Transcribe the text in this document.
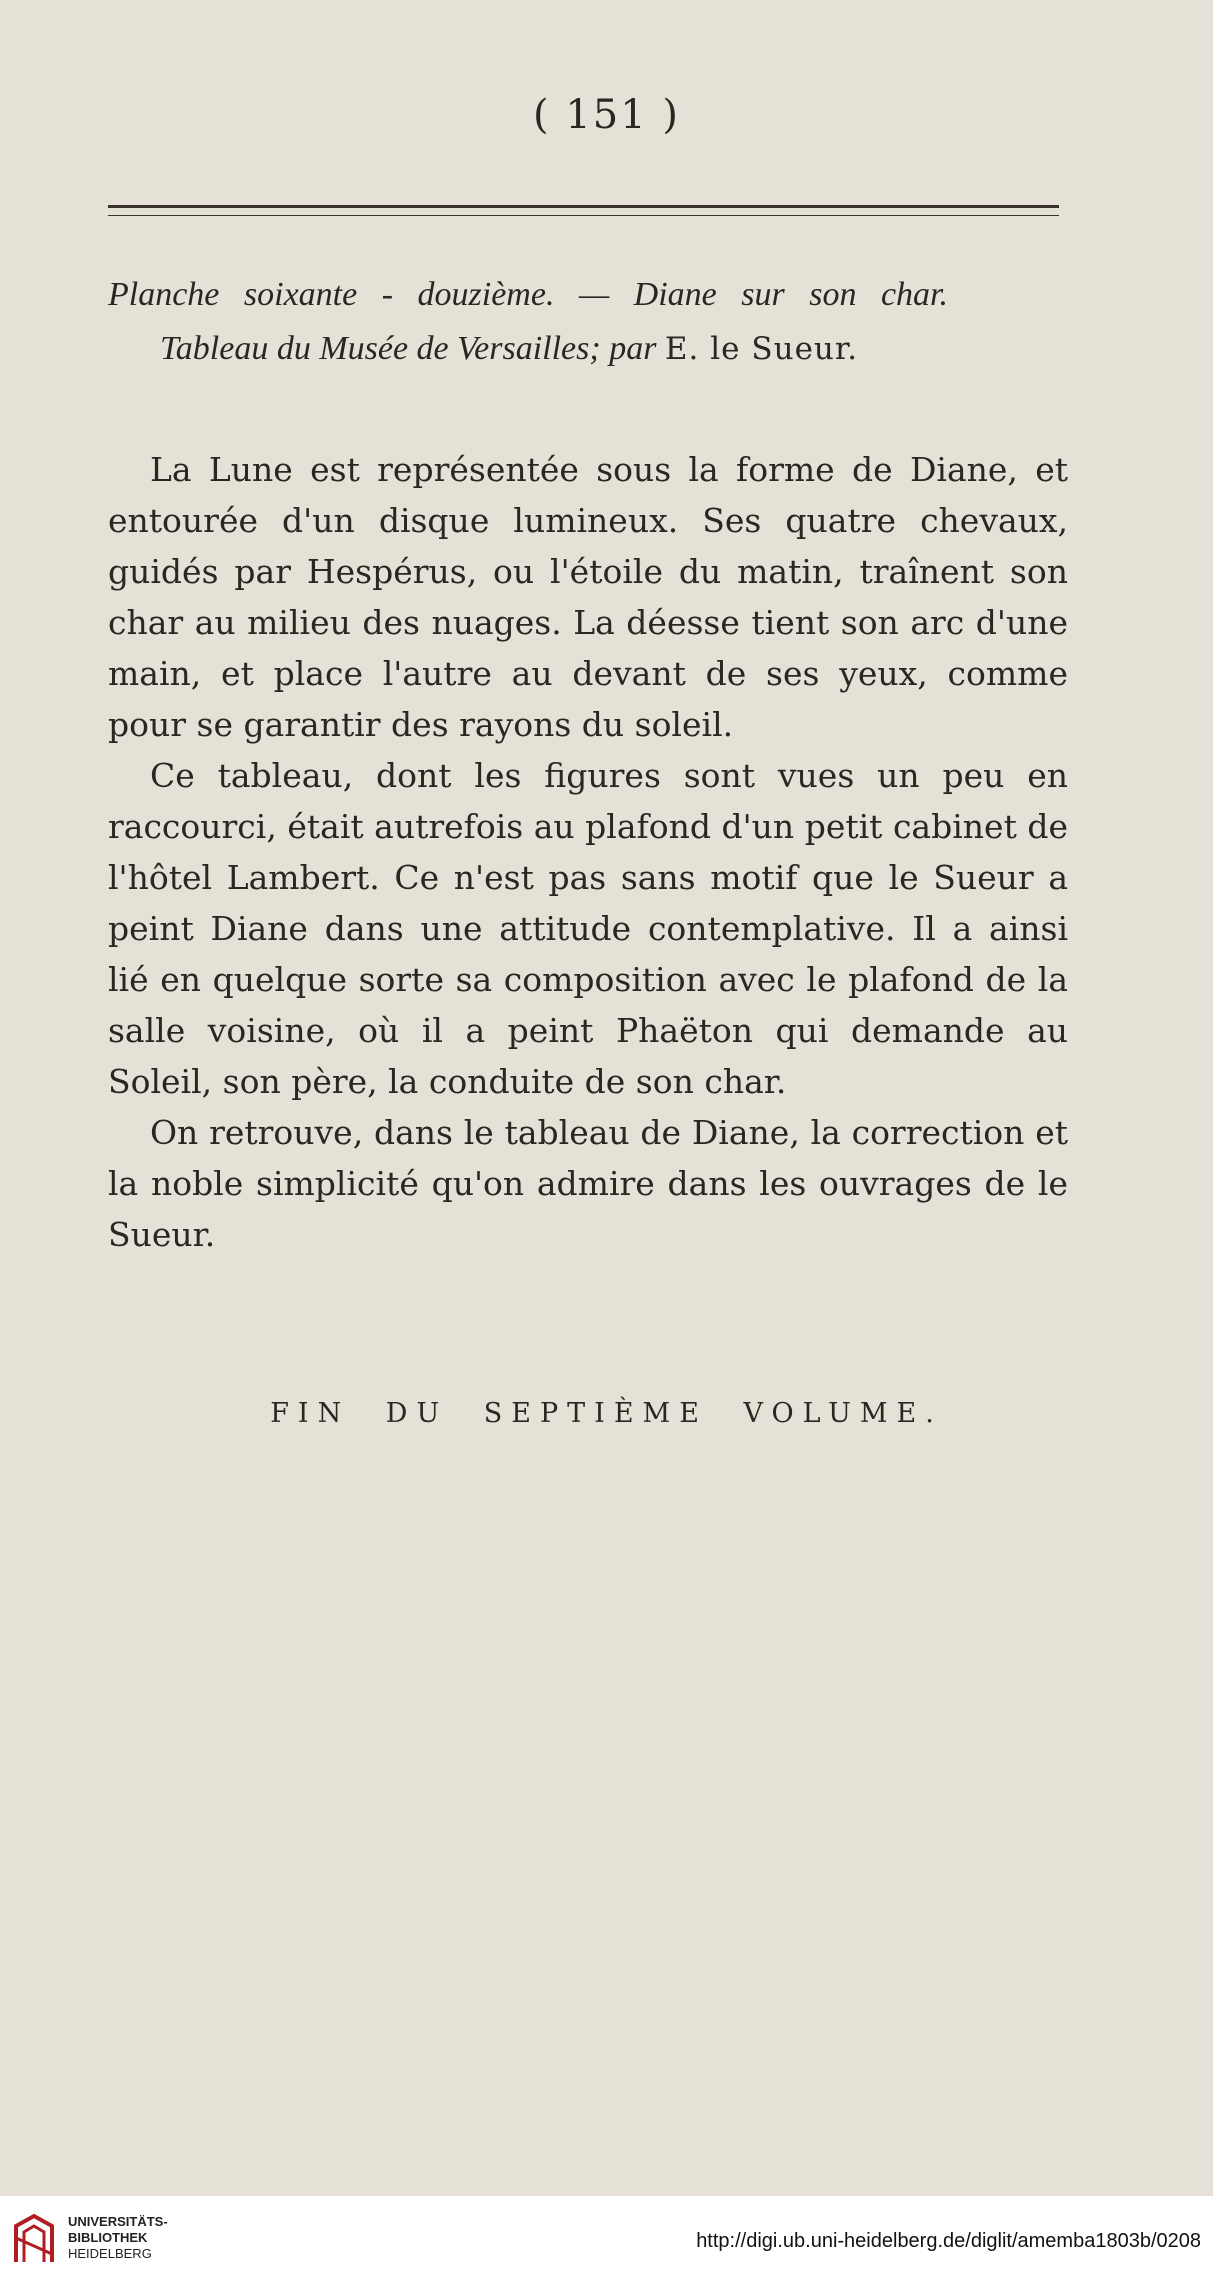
( 151 )
Planche soixante - douzième. — Diane sur son char.
Tableau du Musée de Versailles; par E. le Sueur.

La Lune est représentée sous la forme de Diane, et entourée d'un disque lumineux. Ses quatre chevaux, guidés par Hespérus, ou l'étoile du matin, traînent son char au milieu des nuages. La déesse tient son arc d'une main, et place l'autre au devant de ses yeux, comme pour se garantir des rayons du soleil.

Ce tableau, dont les figures sont vues un peu en raccourci, était autrefois au plafond d'un petit cabinet de l'hôtel Lambert. Ce n'est pas sans motif que le Sueur a peint Diane dans une attitude contemplative. Il a ainsi lié en quelque sorte sa composition avec le plafond de la salle voisine, où il a peint Phaëton qui demande au Soleil, son père, la conduite de son char.

On retrouve, dans le tableau de Diane, la correction et la noble simplicité qu'on admire dans les ouvrages de le Sueur.

FIN DU SEPTIÈME VOLUME.
UNIVERSITÄTS-
BIBLIOTHEK
HEIDELBERG
http://digi.ub.uni-heidelberg.de/diglit/amemba1803b/0208
